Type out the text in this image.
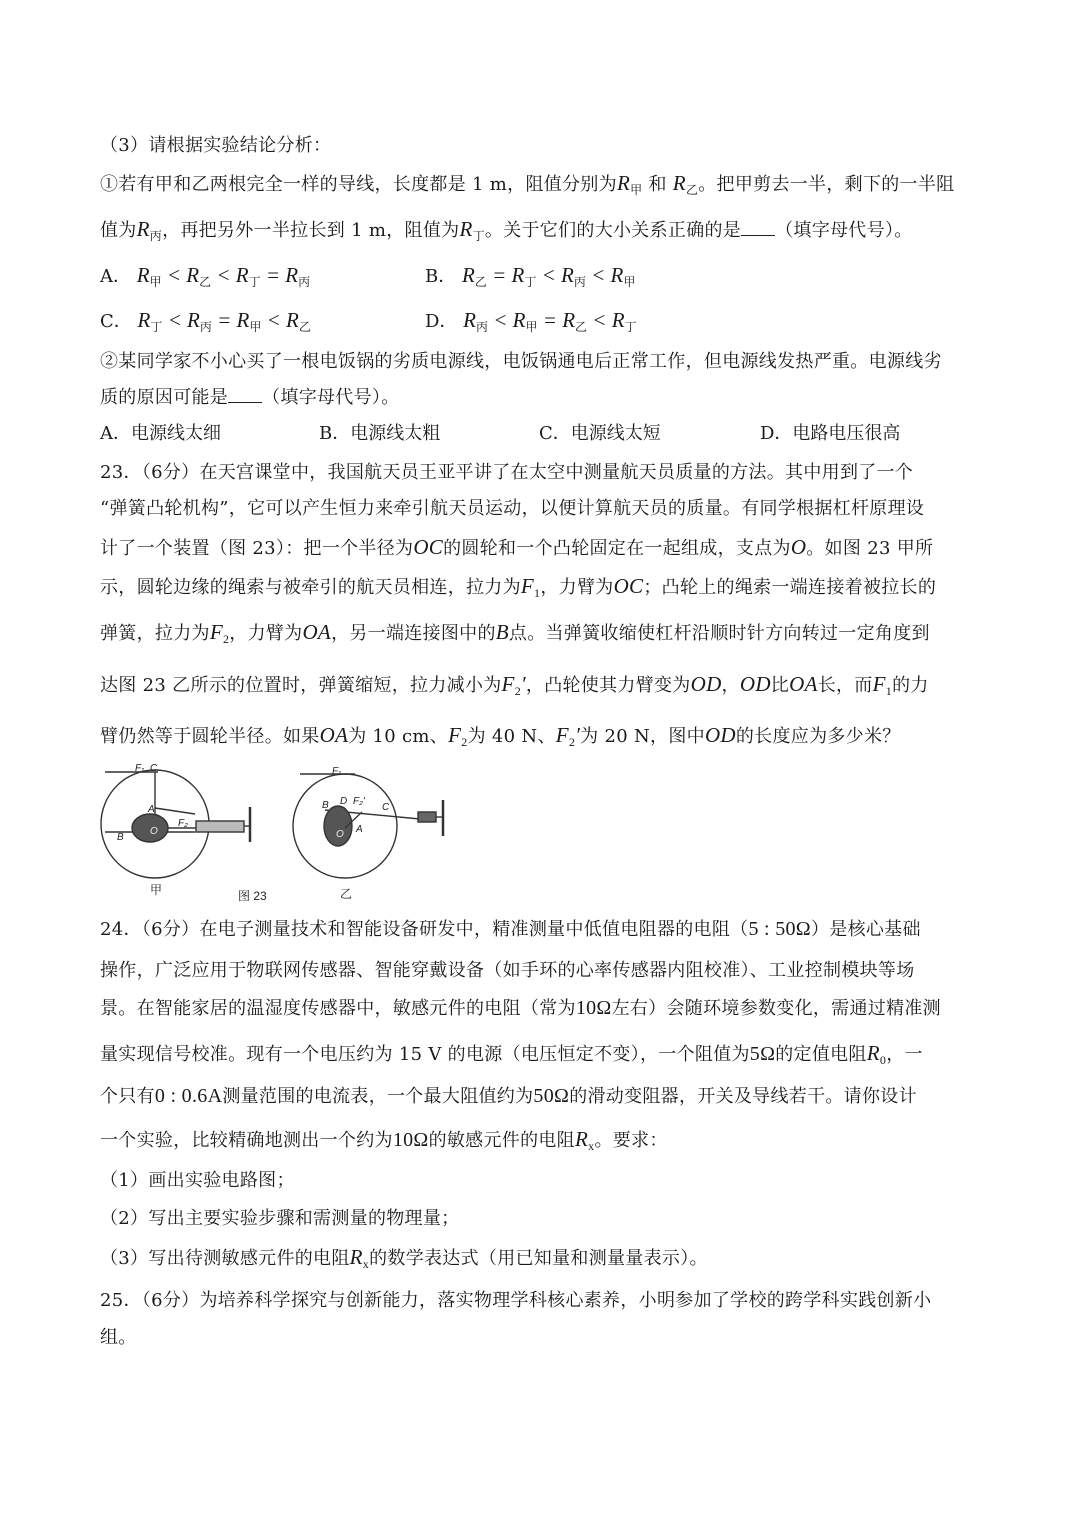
（3）请根据实验结论分析：
①若有甲和乙两根完全一样的导线，长度都是 1 m，阻值分别为$R_甲$ 和 $R_乙$。把甲剪去一半，剩下的一半阻
值为$R_丙$，再把另外一半拉长到 1 m，阻值为$R_丁$。关于它们的大小关系正确的是 （填字母代号）。
A． $R_甲 < R_乙 < R_丁 = R_丙$	B． $R_乙 = R_丁 < R_丙 < R_甲$
C． $R_丁 < R_丙 = R_甲 < R_乙$	D． $R_丙 < R_甲 = R_乙 < R_丁$
②某同学家不小心买了一根电饭锅的劣质电源线，电饭锅通电后正常工作，但电源线发热严重。电源线劣
质的原因可能是 （填字母代号）。
A．电源线太细	B．电源线太粗	C．电源线太短	D．电路电压很高
23．（6分）在天宫课堂中，我国航天员王亚平讲了在太空中测量航天员质量的方法。其中用到了一个
“弹簧凸轮机构”，它可以产生恒力来牵引航天员运动，以便计算航天员的质量。有同学根据杠杆原理设
计了一个装置（图 23）：把一个半径为OC的圆轮和一个凸轮固定在一起组成，支点为O。如图 23 甲所
示，圆轮边缘的绳索与被牵引的航天员相连，拉力为$F_1$，力臂为OC；凸轮上的绳索一端连接着被拉长的
弹簧，拉力为$F_2$，力臂为OA，另一端连接图中的B点。当弹簧收缩使杠杆沿顺时针方向转过一定角度到
达图 23 乙所示的位置时，弹簧缩短，拉力减小为$F_2'$，凸轮使其力臂变为OD，OD比OA长，而$F_1$的力
臂仍然等于圆轮半径。如果OA为 10 cm、$F_2$为 40 N、$F_2'$为 20 N，图中OD的长度应为多少米？
F₁ C
A
B
F₂
O
甲	图 23
F₁
B D F₂'
C
A
O
乙
24．（6分）在电子测量技术和智能设备研发中，精准测量中低值电阻器的电阻（5 : 50Ω）是核心基础
操作，广泛应用于物联网传感器、智能穿戴设备（如手环的心率传感器内阻校准）、工业控制模块等场
景。在智能家居的温湿度传感器中，敏感元件的电阻（常为10Ω左右）会随环境参数变化，需通过精准测
量实现信号校准。现有一个电压约为 15 V 的电源（电压恒定不变），一个阻值为5Ω的定值电阻$R_0$，一
个只有0 : 0.6A测量范围的电流表，一个最大阻值约为50Ω的滑动变阻器，开关及导线若干。请你设计
一个实验，比较精确地测出一个约为10Ω的敏感元件的电阻$R_x$。要求：
（1）画出实验电路图；
（2）写出主要实验步骤和需测量的物理量；
（3）写出待测敏感元件的电阻$R_x$的数学表达式（用已知量和测量量表示）。
25．（6分）为培养科学探究与创新能力，落实物理学科核心素养，小明参加了学校的跨学科实践创新小
组。
